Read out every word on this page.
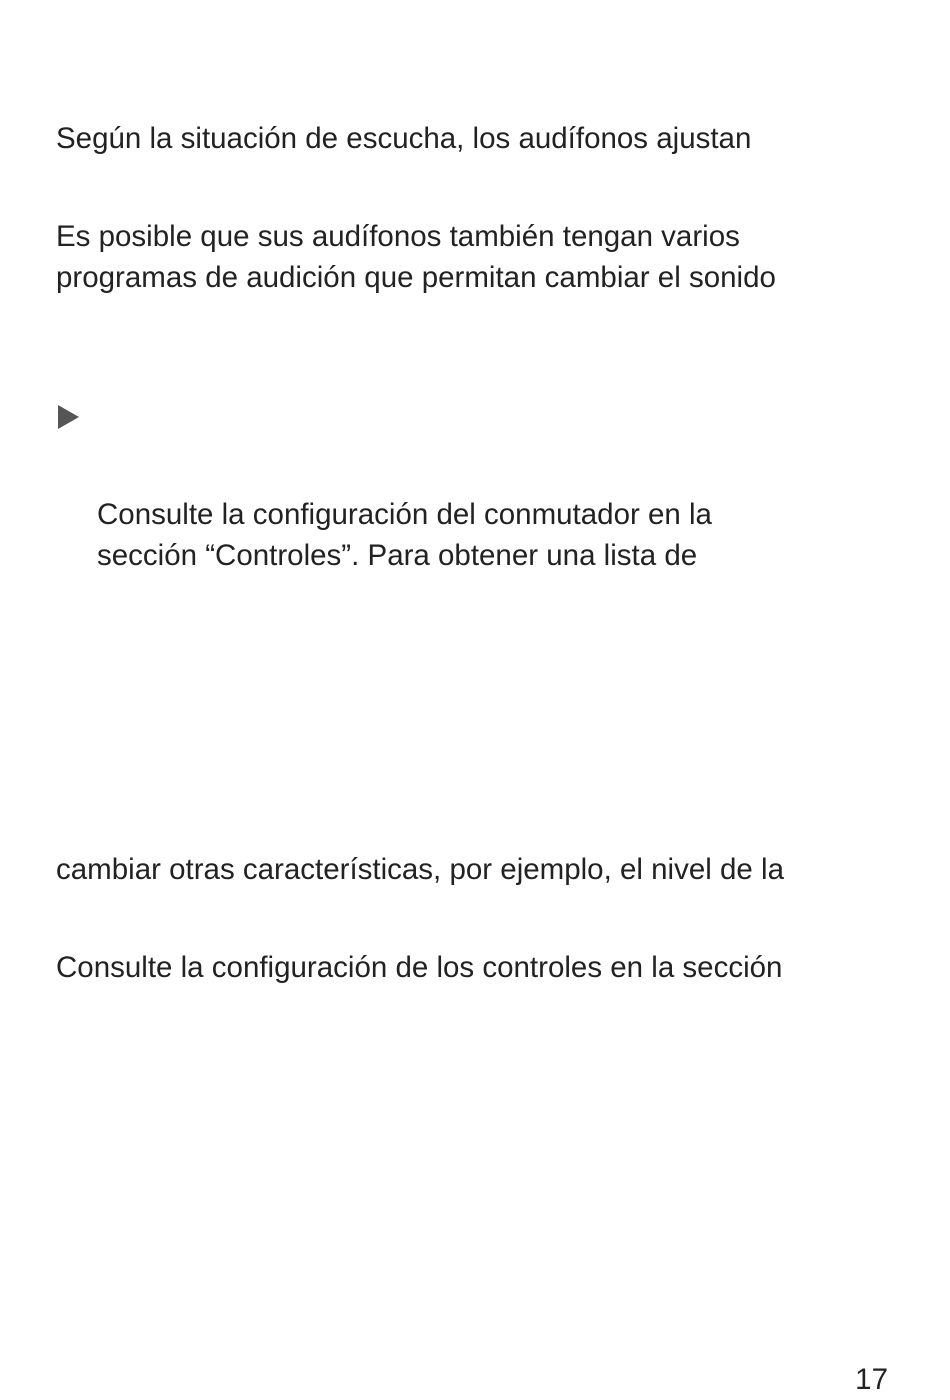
Según la situación de escucha, los audífonos ajustan

Es posible que sus audífonos también tengan varios

programas de audición que permitan cambiar el sonido

Consulte la configuración del conmutador en la

sección “Controles”. Para obtener una lista de

cambiar otras características, por ejemplo, el nivel de la

Consulte la configuración de los controles en la sección

17
